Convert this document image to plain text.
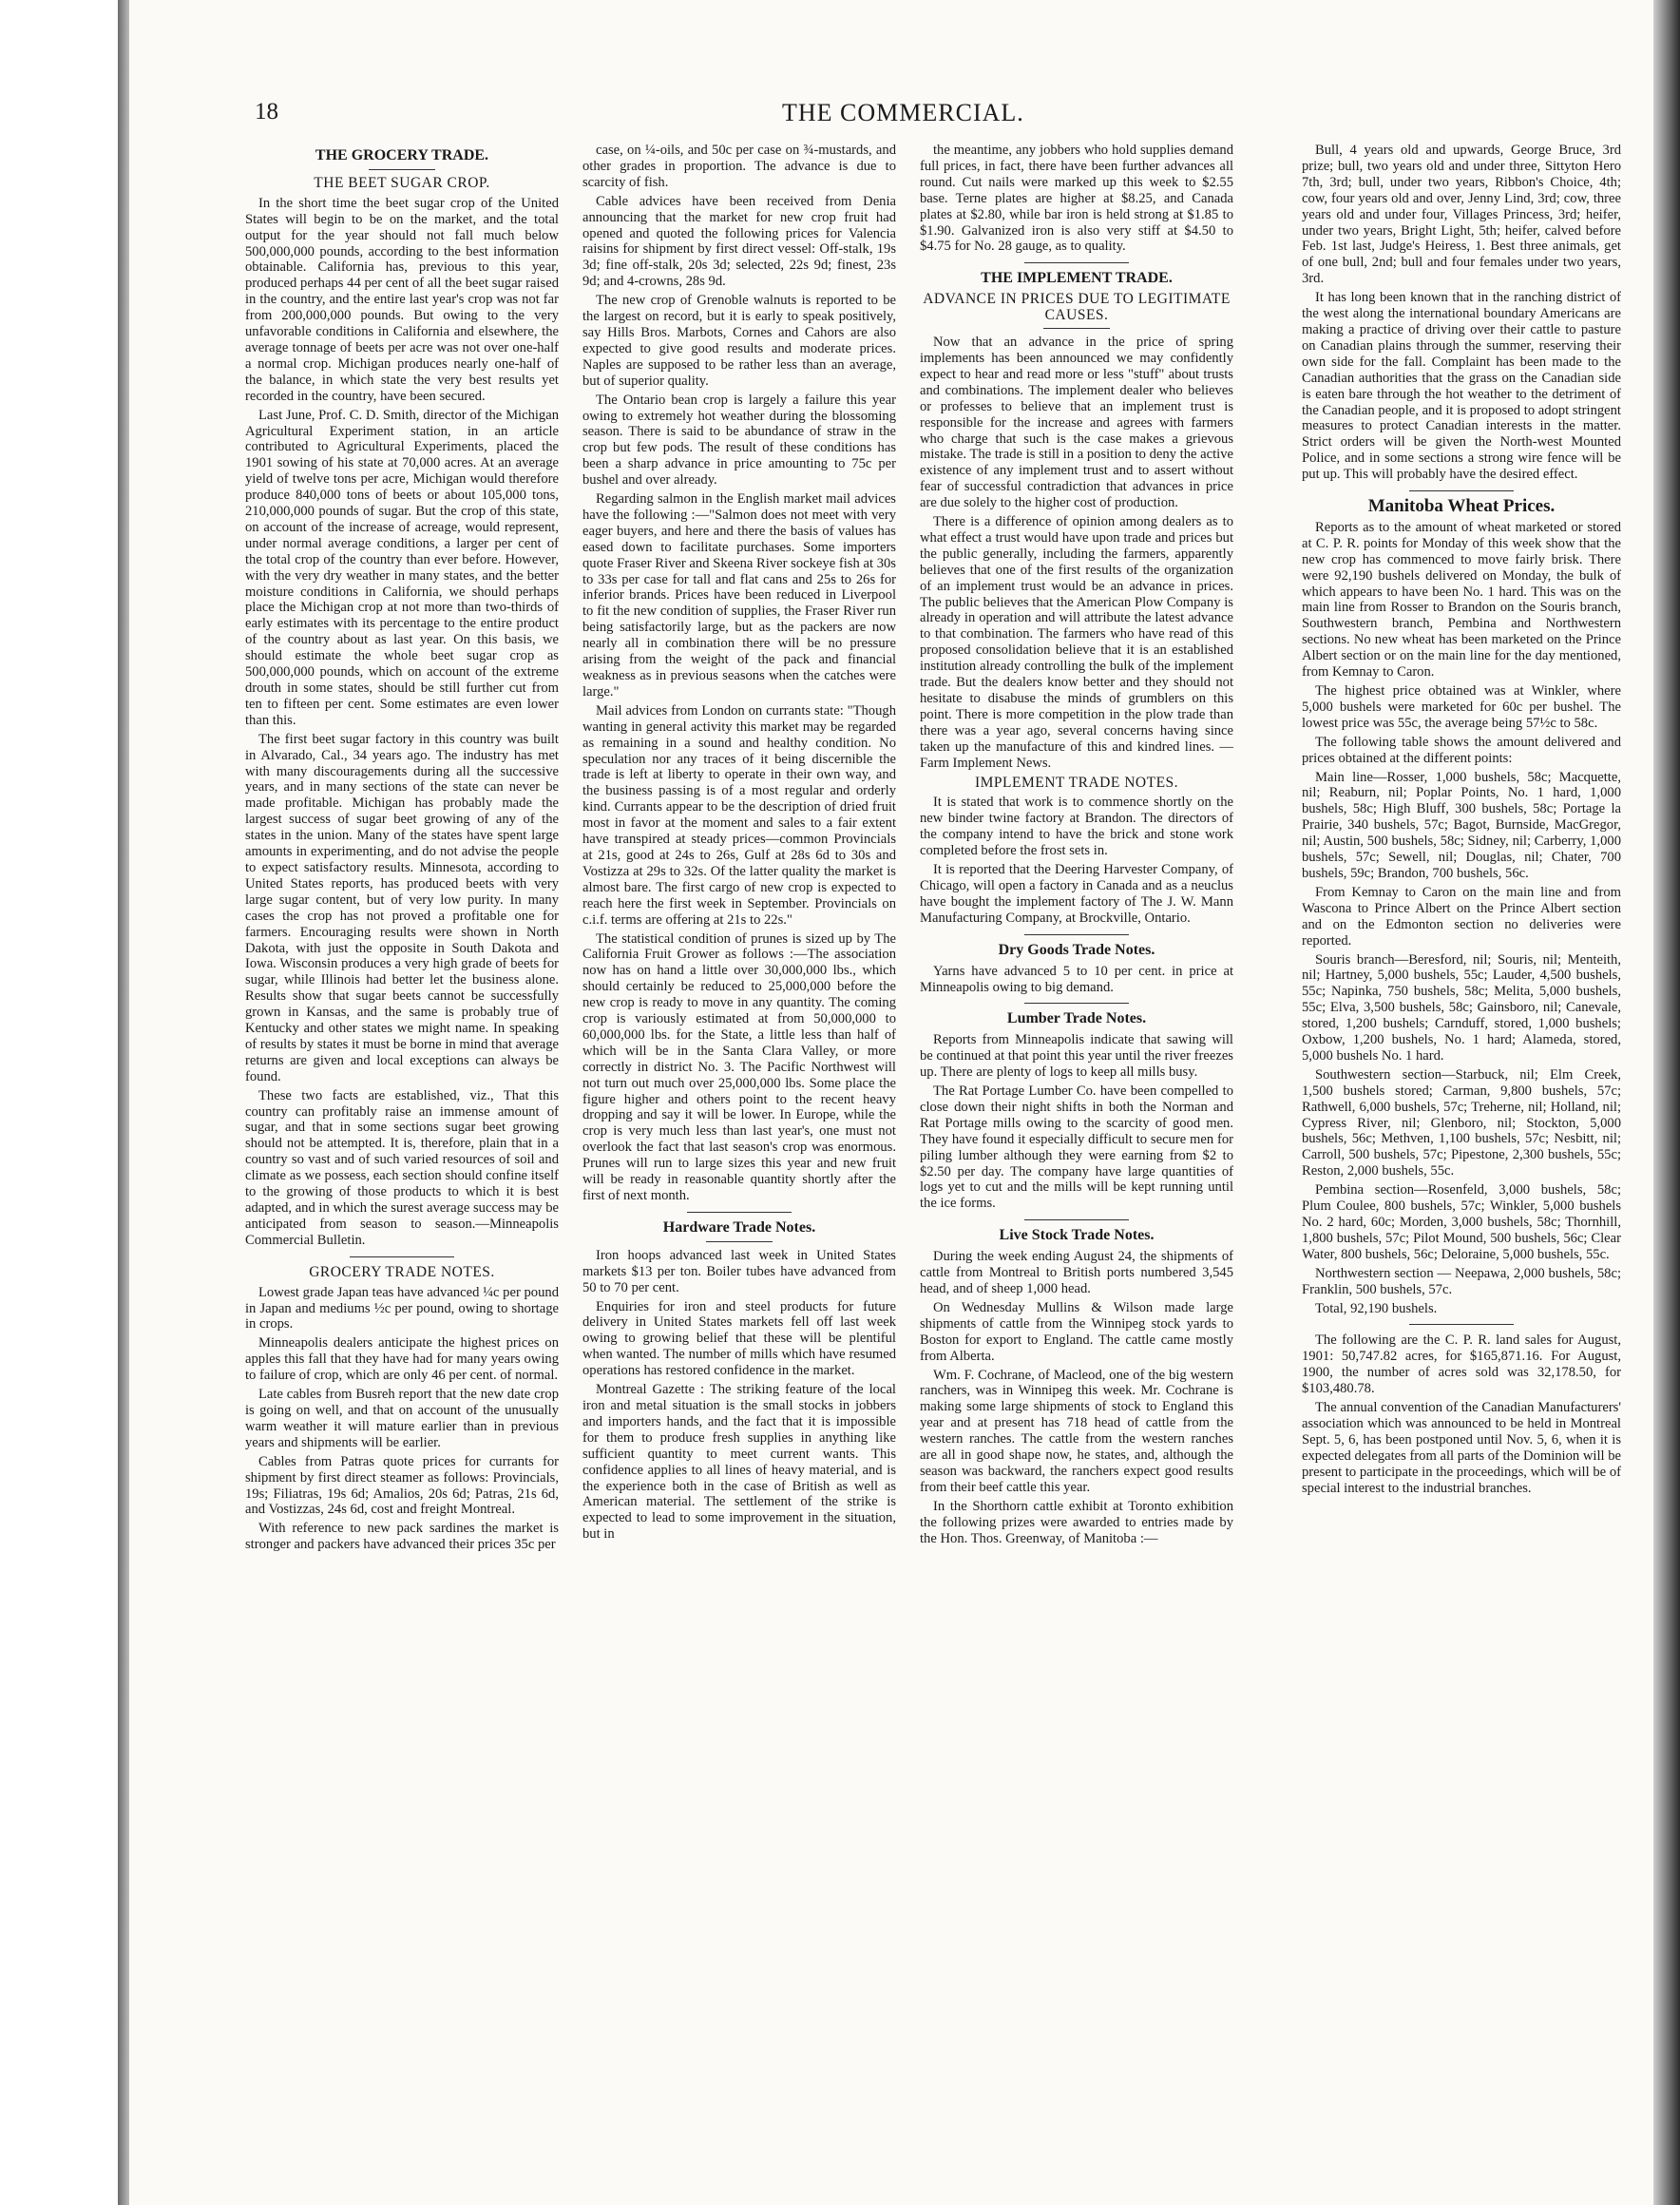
18	THE COMMERCIAL.
THE GROCERY TRADE.
THE BEET SUGAR CROP.

In the short time the beet sugar crop of the United States will begin to be on the market, and the total output for the year should not fall much below 500,000,000 pounds, according to the best information obtainable. California has, previous to this year, produced perhaps 44 per cent of all the beet sugar raised in the country, and the entire last year's crop was not far from 200,000,000 pounds. But owing to the very unfavorable conditions in California and elsewhere, the average tonnage of beets per acre was not over one-half a normal crop. Michigan produces nearly one-half of the balance, in which state the very best results yet recorded in the country, have been secured.

Last June, Prof. C. D. Smith, director of the Michigan Agricultural Experiment station, in an article contributed to Agricultural Experiments, placed the 1901 sowing of his state at 70,000 acres. At an average yield of twelve tons per acre, Michigan would therefore produce 840,000 tons of beets or about 105,000 tons, 210,000,000 pounds of sugar. But the crop of this state, on account of the increase of acreage, would represent, under normal average conditions, a larger per cent of the total crop of the country than ever before. However, with the very dry weather in many states, and the better moisture conditions in California, we should perhaps place the Michigan crop at not more than two-thirds of early estimates with its percentage to the entire product of the country about as last year. On this basis, we should estimate the whole beet sugar crop as 500,000,000 pounds, which on account of the extreme drouth in some states, should be still further cut from ten to fifteen per cent. Some estimates are even lower than this.

The first beet sugar factory in this country was built in Alvarado, Cal., 34 years ago. The industry has met with many discouragements during all the successive years, and in many sections of the state can never be made profitable. Michigan has probably made the largest success of sugar beet growing of any of the states in the union. Many of the states have spent large amounts in experimenting, and do not advise the people to expect satisfactory results. Minnesota, according to United States reports, has produced beets with very large sugar content, but of very low purity. In many cases the crop has not proved a profitable one for farmers. Encouraging results were shown in North Dakota, with just the opposite in South Dakota and Iowa. Wisconsin produces a very high grade of beets for sugar, while Illinois had better let the business alone. Results show that sugar beets cannot be successfully grown in Kansas, and the same is probably true of Kentucky and other states we might name. In speaking of results by states it must be borne in mind that average returns are given and local exceptions can always be found.

These two facts are established, viz., That this country can profitably raise an immense amount of sugar, and that in some sections sugar beet growing should not be attempted. It is, therefore, plain that in a country so vast and of such varied resources of soil and climate as we possess, each section should confine itself to the growing of those products to which it is best adapted, and in which the surest average success may be anticipated from season to season.—Minneapolis Commercial Bulletin.

GROCERY TRADE NOTES.

Lowest grade Japan teas have advanced ¼c per pound in Japan and mediums ½c per pound, owing to shortage in crops.

Minneapolis dealers anticipate the highest prices on apples this fall that they have had for many years owing to failure of crop, which are only 46 per cent. of normal.

Late cables from Busreh report that the new date crop is going on well, and that on account of the unusually warm weather it will mature earlier than in previous years and shipments will be earlier.

Cables from Patras quote prices for currants for shipment by first direct steamer as follows: Provincials, 19s; Filiatras, 19s 6d; Amalios, 20s 6d; Patras, 21s 6d, and Vostizzas, 24s 6d, cost and freight Montreal.

With reference to new pack sardines the market is stronger and packers have advanced their prices 35c per

case, on ¼-oils, and 50c per case on ¾-mustards, and other grades in proportion. The advance is due to scarcity of fish.

Cable advices have been received from Denia announcing that the market for new crop fruit had opened and quoted the following prices for Valencia raisins for shipment by first direct vessel: Off-stalk, 19s 3d; fine off-stalk, 20s 3d; selected, 22s 9d; finest, 23s 9d; and 4-crowns, 28s 9d.

The new crop of Grenoble walnuts is reported to be the largest on record, but it is early to speak positively, say Hills Bros. Marbots, Cornes and Cahors are also expected to give good results and moderate prices. Naples are supposed to be rather less than an average, but of superior quality.

The Ontario bean crop is largely a failure this year owing to extremely hot weather during the blossoming season. There is said to be abundance of straw in the crop but few pods. The result of these conditions has been a sharp advance in price amounting to 75c per bushel and over already.

Regarding salmon in the English market mail advices have the following :—"Salmon does not meet with very eager buyers, and here and there the basis of values has eased down to facilitate purchases. Some importers quote Fraser River and Skeena River sockeye fish at 30s to 33s per case for tall and flat cans and 25s to 26s for inferior brands. Prices have been reduced in Liverpool to fit the new condition of supplies, the Fraser River run being satisfactorily large, but as the packers are now nearly all in combination there will be no pressure arising from the weight of the pack and financial weakness as in previous seasons when the catches were large."

Mail advices from London on currants state: "Though wanting in general activity this market may be regarded as remaining in a sound and healthy condition. No speculation nor any traces of it being discernible the trade is left at liberty to operate in their own way, and the business passing is of a most regular and orderly kind. Currants appear to be the description of dried fruit most in favor at the moment and sales to a fair extent have transpired at steady prices—common Provincials at 21s, good at 24s to 26s, Gulf at 28s 6d to 30s and Vostizza at 29s to 32s. Of the latter quality the market is almost bare. The first cargo of new crop is expected to reach here the first week in September. Provincials on c.i.f. terms are offering at 21s to 22s."

The statistical condition of prunes is sized up by The California Fruit Grower as follows :—The association now has on hand a little over 30,000,000 lbs., which should certainly be reduced to 25,000,000 before the new crop is ready to move in any quantity. The coming crop is variously estimated at from 50,000,000 to 60,000,000 lbs. for the State, a little less than half of which will be in the Santa Clara Valley, or more correctly in district No. 3. The Pacific Northwest will not turn out much over 25,000,000 lbs. Some place the figure higher and others point to the recent heavy dropping and say it will be lower. In Europe, while the crop is very much less than last year's, one must not overlook the fact that last season's crop was enormous. Prunes will run to large sizes this year and new fruit will be ready in reasonable quantity shortly after the first of next month.

Hardware Trade Notes.

Iron hoops advanced last week in United States markets $13 per ton. Boiler tubes have advanced from 50 to 70 per cent.

Enquiries for iron and steel products for future delivery in United States markets fell off last week owing to growing belief that these will be plentiful when wanted. The number of mills which have resumed operations has restored confidence in the market.

Montreal Gazette : The striking feature of the local iron and metal situation is the small stocks in jobbers and importers hands, and the fact that it is impossible for them to produce fresh supplies in anything like sufficient quantity to meet current wants. This confidence applies to all lines of heavy material, and is the experience both in the case of British as well as American material. The settlement of the strike is expected to lead to some improvement in the situation, but in

the meantime, any jobbers who hold supplies demand full prices, in fact, there have been further advances all round. Cut nails were marked up this week to $2.55 base. Terne plates are higher at $8.25, and Canada plates at $2.80, while bar iron is held strong at $1.85 to $1.90. Galvanized iron is also very stiff at $4.50 to $4.75 for No. 28 gauge, as to quality.

THE IMPLEMENT TRADE.
ADVANCE IN PRICES DUE TO LEGITIMATE CAUSES.

Now that an advance in the price of spring implements has been announced we may confidently expect to hear and read more or less "stuff" about trusts and combinations. The implement dealer who believes or professes to believe that an implement trust is responsible for the increase and agrees with farmers who charge that such is the case makes a grievous mistake. The trade is still in a position to deny the active existence of any implement trust and to assert without fear of successful contradiction that advances in price are due solely to the higher cost of production.

There is a difference of opinion among dealers as to what effect a trust would have upon trade and prices but the public generally, including the farmers, apparently believes that one of the first results of the organization of an implement trust would be an advance in prices. The public believes that the American Plow Company is already in operation and will attribute the latest advance to that combination. The farmers who have read of this proposed consolidation believe that it is an established institution already controlling the bulk of the implement trade. But the dealers know better and they should not hesitate to disabuse the minds of grumblers on this point. There is more competition in the plow trade than there was a year ago, several concerns having since taken up the manufacture of this and kindred lines. —Farm Implement News.

IMPLEMENT TRADE NOTES.

It is stated that work is to commence shortly on the new binder twine factory at Brandon. The directors of the company intend to have the brick and stone work completed before the frost sets in.

It is reported that the Deering Harvester Company, of Chicago, will open a factory in Canada and as a neuclus have bought the implement factory of The J. W. Mann Manufacturing Company, at Brockville, Ontario.

Dry Goods Trade Notes.

Yarns have advanced 5 to 10 per cent. in price at Minneapolis owing to big demand.

Lumber Trade Notes.

Reports from Minneapolis indicate that sawing will be continued at that point this year until the river freezes up. There are plenty of logs to keep all mills busy.

The Rat Portage Lumber Co. have been compelled to close down their night shifts in both the Norman and Rat Portage mills owing to the scarcity of good men. They have found it especially difficult to secure men for piling lumber although they were earning from $2 to $2.50 per day. The company have large quantities of logs yet to cut and the mills will be kept running until the ice forms.

Live Stock Trade Notes.

During the week ending August 24, the shipments of cattle from Montreal to British ports numbered 3,545 head, and of sheep 1,000 head.

On Wednesday Mullins & Wilson made large shipments of cattle from the Winnipeg stock yards to Boston for export to England. The cattle came mostly from Alberta.

Wm. F. Cochrane, of Macleod, one of the big western ranchers, was in Winnipeg this week. Mr. Cochrane is making some large shipments of stock to England this year and at present has 718 head of cattle from the western ranches. The cattle from the western ranches are all in good shape now, he states, and, although the season was backward, the ranchers expect good results from their beef cattle this year.

In the Shorthorn cattle exhibit at Toronto exhibition the following prizes were awarded to entries made by the Hon. Thos. Greenway, of Manitoba :—

Bull, 4 years old and upwards, George Bruce, 3rd prize; bull, two years old and under three, Sittyton Hero 7th, 3rd; bull, under two years, Ribbon's Choice, 4th; cow, four years old and over, Jenny Lind, 3rd; cow, three years old and under four, Villages Princess, 3rd; heifer, under two years, Bright Light, 5th; heifer, calved before Feb. 1st last, Judge's Heiress, 1. Best three animals, get of one bull, 2nd; bull and four females under two years, 3rd.

It has long been known that in the ranching district of the west along the international boundary Americans are making a practice of driving over their cattle to pasture on Canadian plains through the summer, reserving their own side for the fall. Complaint has been made to the Canadian authorities that the grass on the Canadian side is eaten bare through the hot weather to the detriment of the Canadian people, and it is proposed to adopt stringent measures to protect Canadian interests in the matter. Strict orders will be given the North-west Mounted Police, and in some sections a strong wire fence will be put up. This will probably have the desired effect.

Manitoba Wheat Prices.

Reports as to the amount of wheat marketed or stored at C. P. R. points for Monday of this week show that the new crop has commenced to move fairly brisk. There were 92,190 bushels delivered on Monday, the bulk of which appears to have been No. 1 hard. This was on the main line from Rosser to Brandon on the Souris branch, Southwestern branch, Pembina and Northwestern sections. No new wheat has been marketed on the Prince Albert section or on the main line for the day mentioned, from Kemnay to Caron.

The highest price obtained was at Winkler, where 5,000 bushels were marketed for 60c per bushel. The lowest price was 55c, the average being 57½c to 58c.

The following table shows the amount delivered and prices obtained at the different points:

Main line—Rosser, 1,000 bushels, 58c; Macquette, nil; Reaburn, nil; Poplar Points, No. 1 hard, 1,000 bushels, 58c; High Bluff, 300 bushels, 58c; Portage la Prairie, 340 bushels, 57c; Bagot, Burnside, MacGregor, nil; Austin, 500 bushels, 58c; Sidney, nil; Carberry, 1,000 bushels, 57c; Sewell, nil; Douglas, nil; Chater, 700 bushels, 59c; Brandon, 700 bushels, 56c.

From Kemnay to Caron on the main line and from Wascona to Prince Albert on the Prince Albert section and on the Edmonton section no deliveries were reported.

Souris branch—Beresford, nil; Souris, nil; Menteith, nil; Hartney, 5,000 bushels, 55c; Lauder, 4,500 bushels, 55c; Napinka, 750 bushels, 58c; Melita, 5,000 bushels, 55c; Elva, 3,500 bushels, 58c; Gainsboro, nil; Canevale, stored, 1,200 bushels; Carnduff, stored, 1,000 bushels; Oxbow, 1,200 bushels, No. 1 hard; Alameda, stored, 5,000 bushels No. 1 hard.

Southwestern section—Starbuck, nil; Elm Creek, 1,500 bushels stored; Carman, 9,800 bushels, 57c; Rathwell, 6,000 bushels, 57c; Treherne, nil; Holland, nil; Cypress River, nil; Glenboro, nil; Stockton, 5,000 bushels, 56c; Methven, 1,100 bushels, 57c; Nesbitt, nil; Carroll, 500 bushels, 57c; Pipestone, 2,300 bushels, 55c; Reston, 2,000 bushels, 55c.

Pembina section—Rosenfeld, 3,000 bushels, 58c; Plum Coulee, 800 bushels, 57c; Winkler, 5,000 bushels No. 2 hard, 60c; Morden, 3,000 bushels, 58c; Thornhill, 1,800 bushels, 57c; Pilot Mound, 500 bushels, 56c; Clear Water, 800 bushels, 56c; Deloraine, 5,000 bushels, 55c.

Northwestern section — Neepawa, 2,000 bushels, 58c; Franklin, 500 bushels, 57c.

Total, 92,190 bushels.

The following are the C. P. R. land sales for August, 1901: 50,747.82 acres, for $165,871.16. For August, 1900, the number of acres sold was 32,178.50, for $103,480.78.

The annual convention of the Canadian Manufacturers' association which was announced to be held in Montreal Sept. 5, 6, has been postponed until Nov. 5, 6, when it is expected delegates from all parts of the Dominion will be present to participate in the proceedings, which will be of special interest to the industrial branches.
